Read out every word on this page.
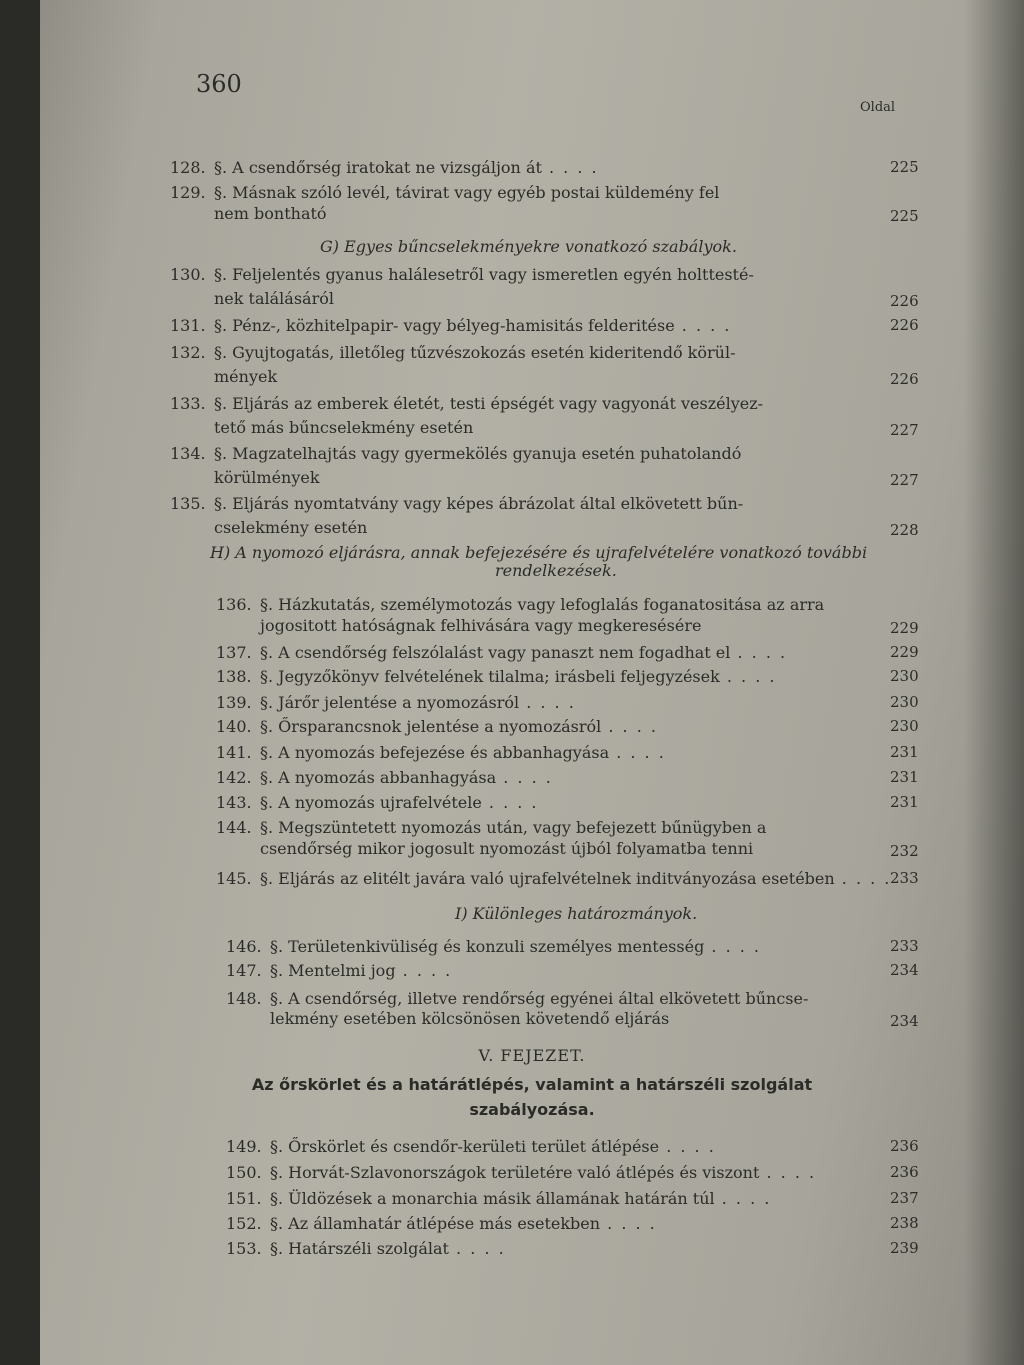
360
Oldal
128. §. A csendőrség iratokat ne vizsgáljon át . . . .	225
129. §. Másnak szóló levél, távirat vagy egyéb postai küldemény fel
nem bontható	225
G) Egyes bűncselekményekre vonatkozó szabályok.
130. §. Feljelentés gyanus halálesetről vagy ismeretlen egyén holttesté-
nek találásáról	226
131. §. Pénz-, közhitelpapir- vagy bélyeg-hamisitás felderitése . . . .	226
132. §. Gyujtogatás, illetőleg tűzvészokozás esetén kideritendő körül-
mények	226
133. §. Eljárás az emberek életét, testi épségét vagy vagyonát veszélyez-
tető más bűncselekmény esetén	227
134. §. Magzatelhajtás vagy gyermekölés gyanuja esetén puhatolandó
körülmények	227
135. §. Eljárás nyomtatvány vagy képes ábrázolat által elkövetett bűn-
cselekmény esetén	228
H) A nyomozó eljárásra, annak befejezésére és ujrafelvételére vonatkozó további
rendelkezések.
136. §. Házkutatás, személymotozás vagy lefoglalás foganatositása az arra
jogositott hatóságnak felhivására vagy megkeresésére	229
137. §. A csendőrség felszólalást vagy panaszt nem fogadhat el . . . .	229
138. §. Jegyzőkönyv felvételének tilalma; irásbeli feljegyzések . . . .	230
139. §. Járőr jelentése a nyomozásról . . . .	230
140. §. Őrsparancsnok jelentése a nyomozásról . . . .	230
141. §. A nyomozás befejezése és abbanhagyása . . . .	231
142. §. A nyomozás abbanhagyása . . . .	231
143. §. A nyomozás ujrafelvétele . . . .	231
144. §. Megszüntetett nyomozás után, vagy befejezett bűnügyben a
csendőrség mikor jogosult nyomozást újból folyamatba tenni	232
145. §. Eljárás az elitélt javára való ujrafelvételnek inditványozása esetében . . . .
233
I) Különleges határozmányok.
146. §. Területenkivüliség és konzuli személyes mentesség . . . .	233
147. §. Mentelmi jog . . . .	234
148. §. A csendőrség, illetve rendőrség egyénei által elkövetett bűncse-
lekmény esetében kölcsönösen követendő eljárás	234
V. FEJEZET.
Az őrskörlet és a határátlépés, valamint a határszéli szolgálat
szabályozása.
149. §. Őrskörlet és csendőr-kerületi terület átlépése . . . .	236
150. §. Horvát-Szlavonországok területére való átlépés és viszont . . . .	236
151. §. Üldözések a monarchia másik államának határán túl . . . .	237
152. §. Az államhatár átlépése más esetekben . . . .	238
153. §. Határszéli szolgálat . . . .	239
